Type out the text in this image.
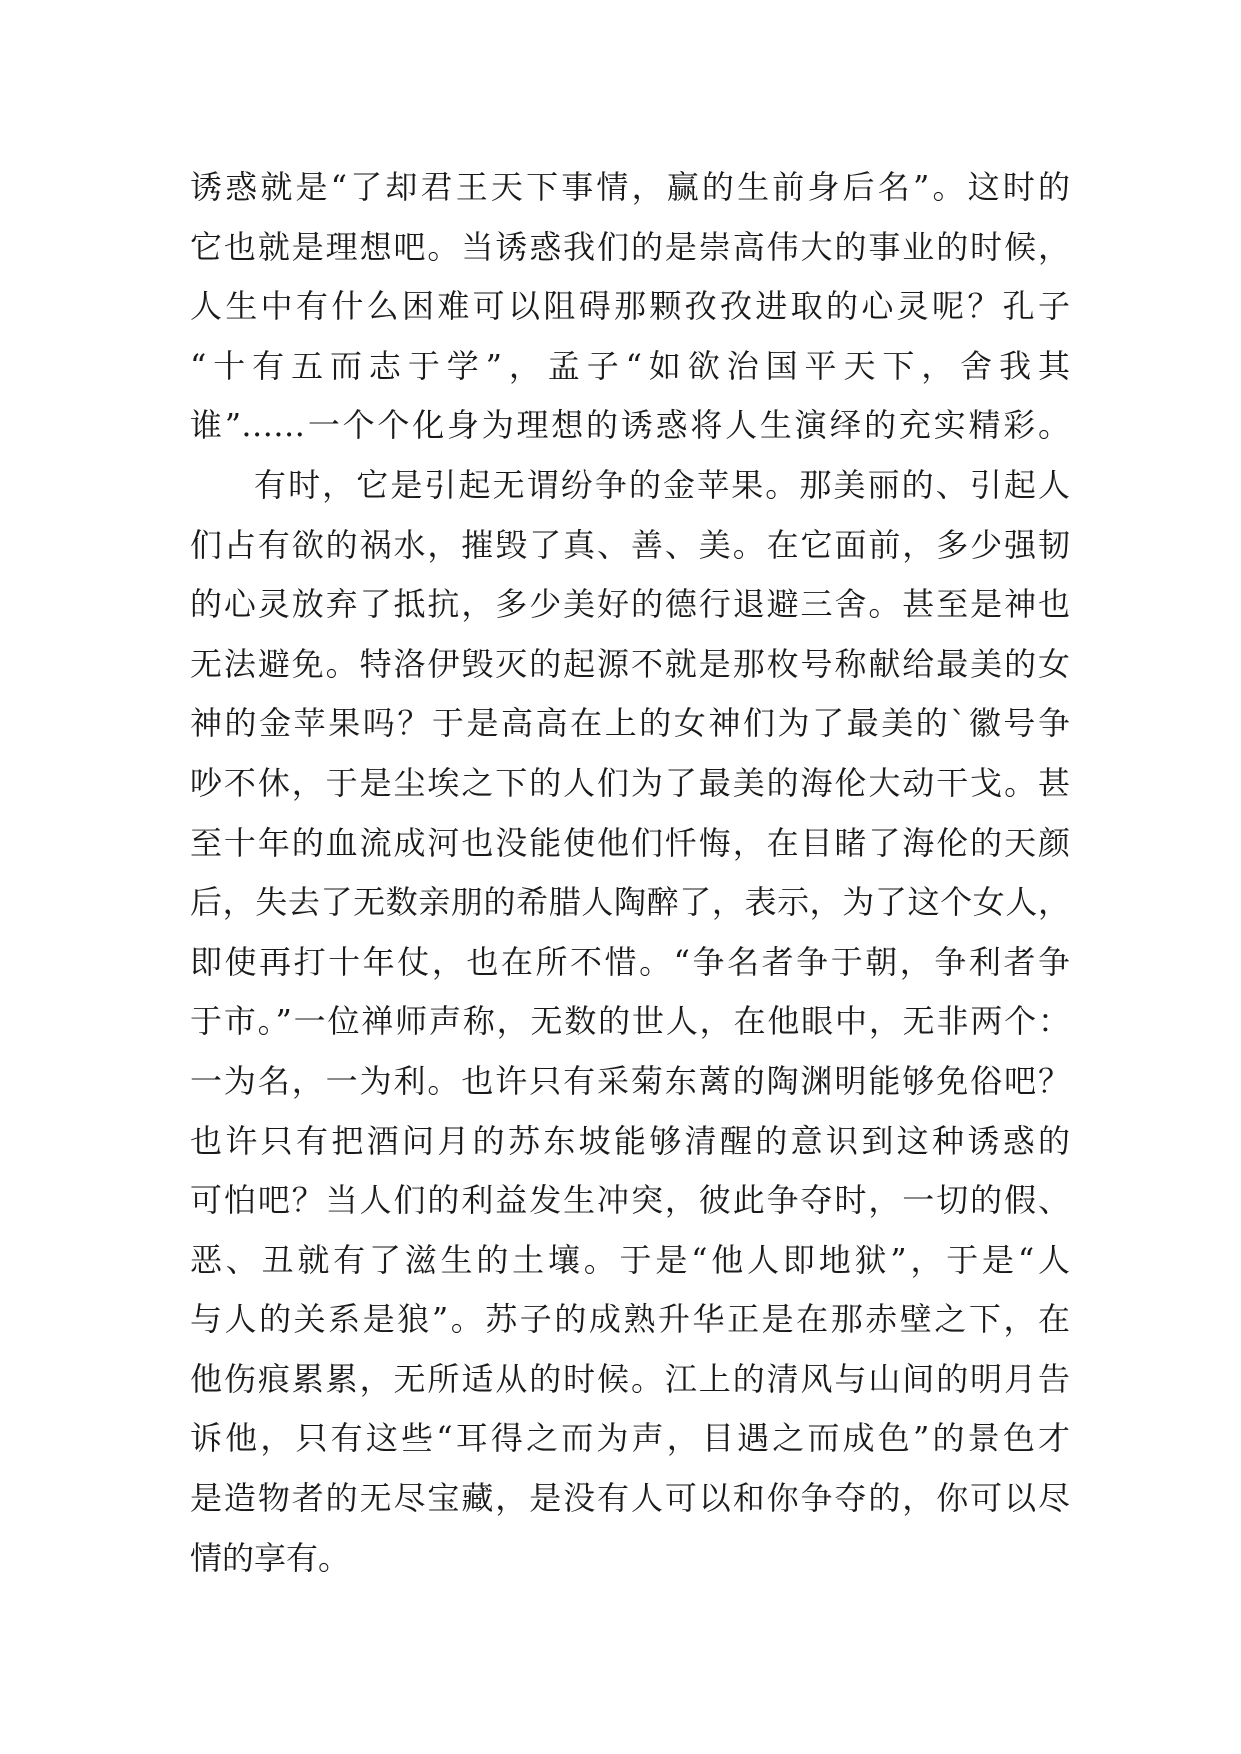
诱惑就是“了却君王天下事情，赢的生前身后名”。这时的
它也就是理想吧。当诱惑我们的是崇高伟大的事业的时候，
人生中有什么困难可以阻碍那颗孜孜进取的心灵呢？孔子
“十有五而志于学”，孟子“如欲治国平天下，舍我其
谁”……一个个化身为理想的诱惑将人生演绎的充实精彩。
有时，它是引起无谓纷争的金苹果。那美丽的、引起人
们占有欲的祸水，摧毁了真、善、美。在它面前，多少强韧
的心灵放弃了抵抗，多少美好的德行退避三舍。甚至是神也
无法避免。特洛伊毁灭的起源不就是那枚号称献给最美的女
神的金苹果吗？于是高高在上的女神们为了最美的`徽号争
吵不休，于是尘埃之下的人们为了最美的海伦大动干戈。甚
至十年的血流成河也没能使他们忏悔，在目睹了海伦的天颜
后，失去了无数亲朋的希腊人陶醉了，表示，为了这个女人，
即使再打十年仗，也在所不惜。“争名者争于朝，争利者争
于市。”一位禅师声称，无数的世人，在他眼中，无非两个：
一为名，一为利。也许只有采菊东蓠的陶渊明能够免俗吧？
也许只有把酒问月的苏东坡能够清醒的意识到这种诱惑的
可怕吧？当人们的利益发生冲突，彼此争夺时，一切的假、
恶、丑就有了滋生的土壤。于是“他人即地狱”，于是“人
与人的关系是狼”。苏子的成熟升华正是在那赤壁之下，在
他伤痕累累，无所适从的时候。江上的清风与山间的明月告
诉他，只有这些“耳得之而为声，目遇之而成色”的景色才
是造物者的无尽宝藏，是没有人可以和你争夺的，你可以尽
情的享有。
